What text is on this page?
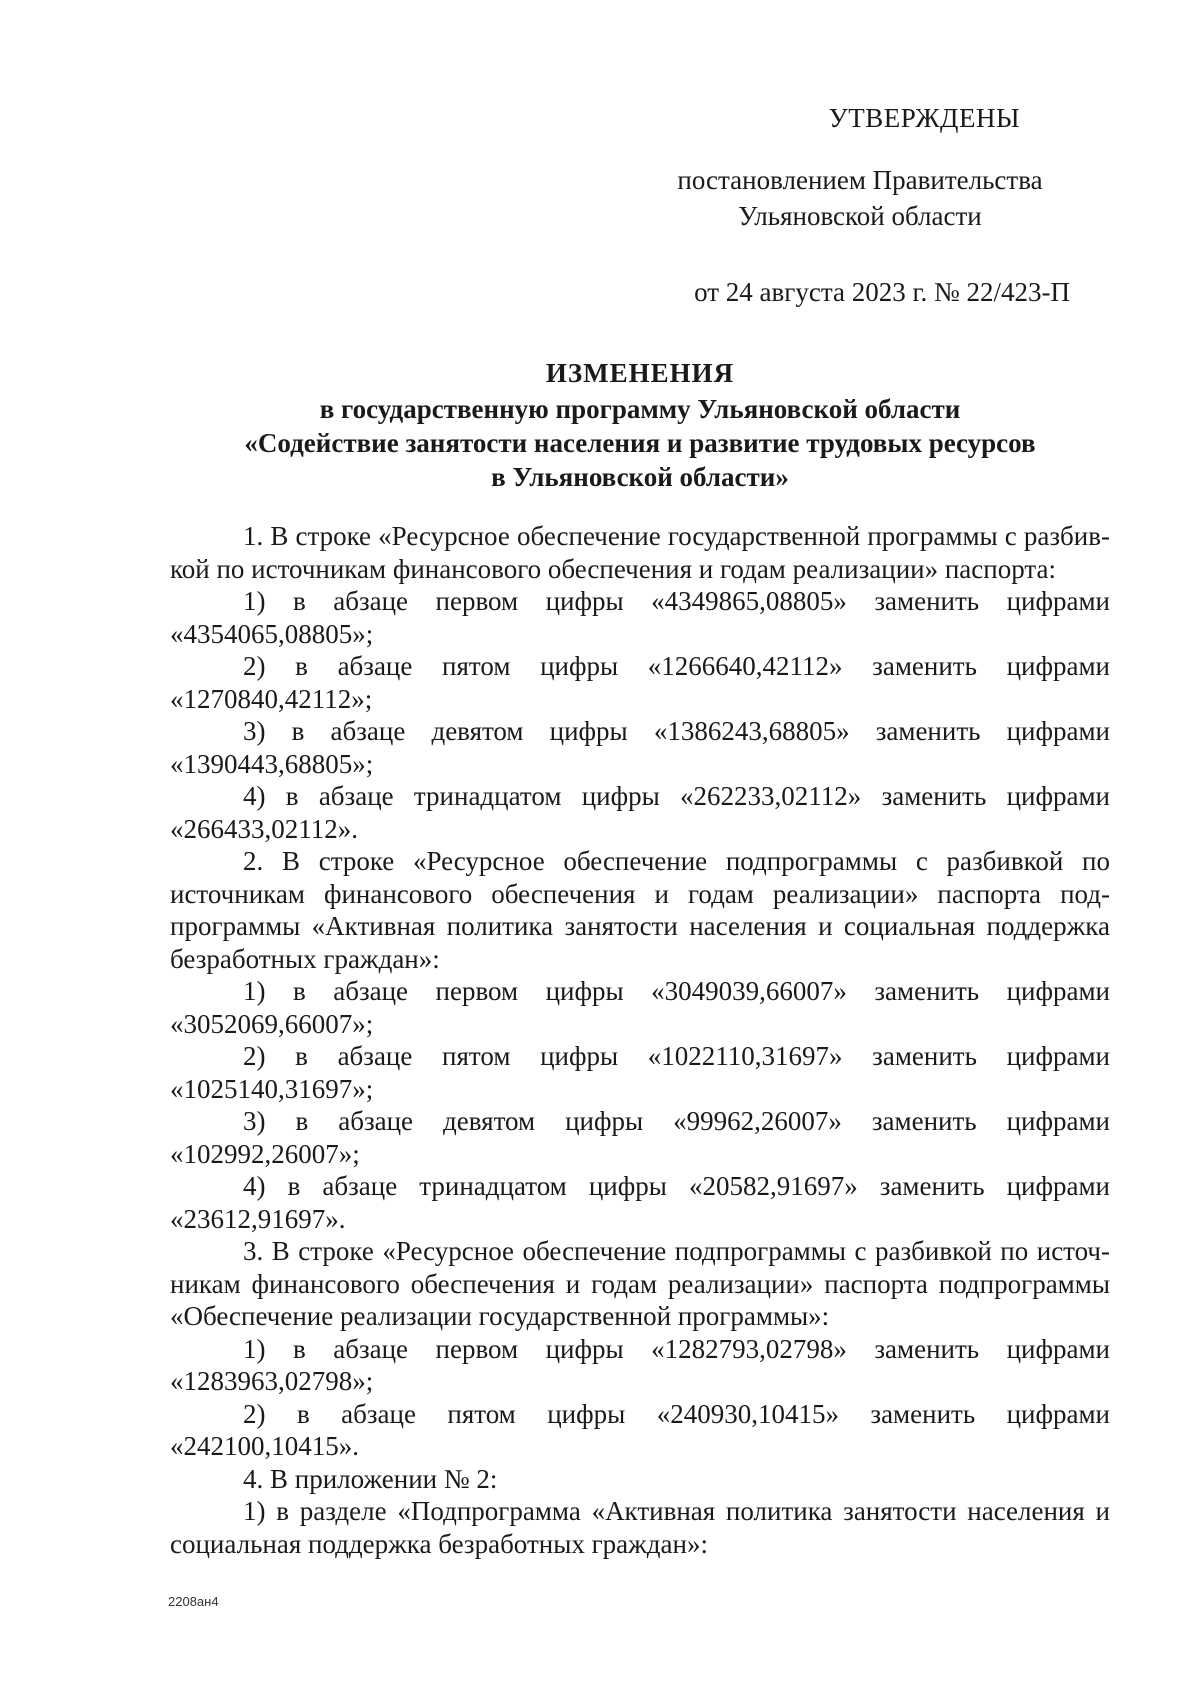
УТВЕРЖДЕНЫ
постановлением Правительства
Ульяновской области
от 24 августа 2023 г. № 22/423-П
ИЗМЕНЕНИЯ
в государственную программу Ульяновской области
«Содействие занятости населения и развитие трудовых ресурсов
в Ульяновской области»

1. В строке «Ресурсное обеспечение государственной программы с разбивкой по источникам финансового обеспечения и годам реализации» паспорта:

1) в абзаце первом цифры «4349865,08805» заменить цифрами «4354065,08805»;

2) в абзаце пятом цифры «1266640,42112» заменить цифрами «1270840,42112»;

3) в абзаце девятом цифры «1386243,68805» заменить цифрами «1390443,68805»;

4) в абзаце тринадцатом цифры «262233,02112» заменить цифрами «266433,02112».

2. В строке «Ресурсное обеспечение подпрограммы с разбивкой по источникам финансового обеспечения и годам реализации» паспорта подпрограммы «Активная политика занятости населения и социальная поддержка безработных граждан»:

1) в абзаце первом цифры «3049039,66007» заменить цифрами «3052069,66007»;

2) в абзаце пятом цифры «1022110,31697» заменить цифрами «1025140,31697»;

3) в абзаце девятом цифры «99962,26007» заменить цифрами «102992,26007»;

4) в абзаце тринадцатом цифры «20582,91697» заменить цифрами «23612,91697».

3. В строке «Ресурсное обеспечение подпрограммы с разбивкой по источникам финансового обеспечения и годам реализации» паспорта подпрограммы «Обеспечение реализации государственной программы»:

1) в абзаце первом цифры «1282793,02798» заменить цифрами «1283963,02798»;

2) в абзаце пятом цифры «240930,10415» заменить цифрами «242100,10415».

4. В приложении № 2:

1) в разделе «Подпрограмма «Активная политика занятости населения и социальная поддержка безработных граждан»:

2208ан4
